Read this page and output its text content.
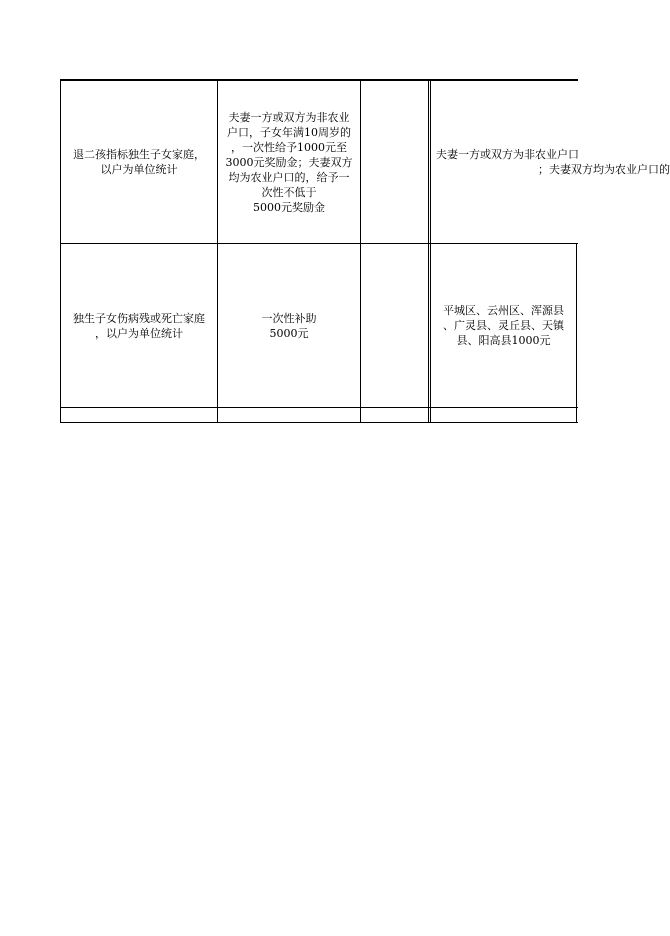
退二孩指标独生子女家庭，
以户为单位统计
夫妻一方或双方为非农业
户口，子女年满10周岁的
，一次性给予1000元至
3000元奖励金；夫妻双方
均为农业户口的，给予一
次性不低于
5000元奖励金
夫妻一方或双方为非农业户口
；夫妻双方均为农业户口的
独生子女伤病残或死亡家庭
，以户为单位统计
一次性补助
5000元
平城区、云州区、浑源县
、广灵县、灵丘县、天镇
县、阳高县1000元
